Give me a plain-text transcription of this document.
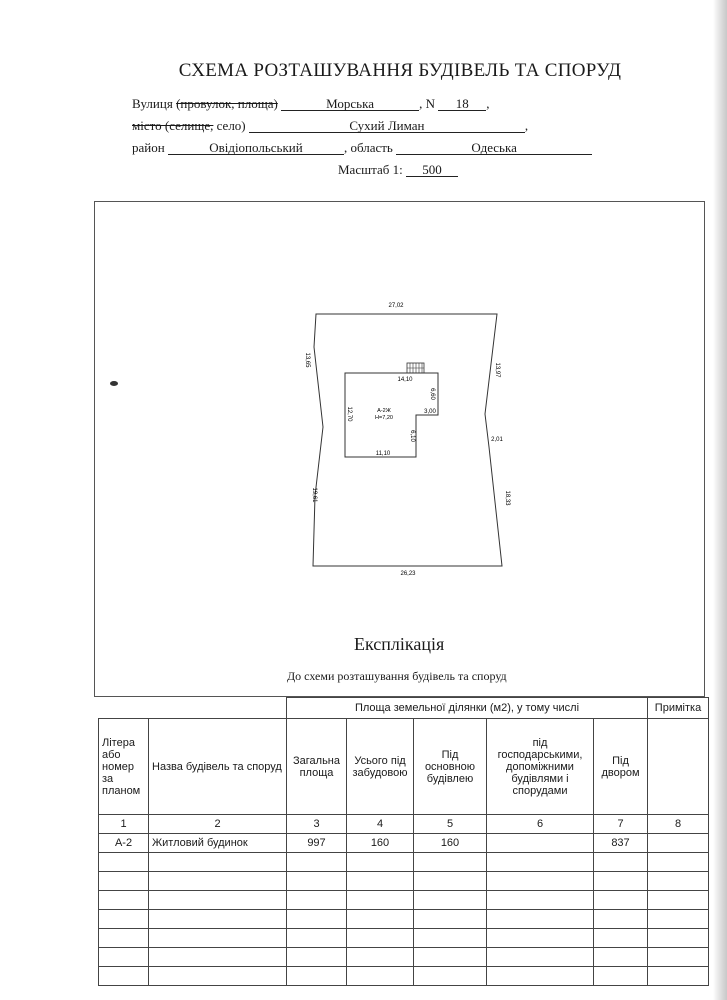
СХЕМА РОЗТАШУВАННЯ БУДІВЕЛЬ ТА СПОРУД
Вулиця (провулок, площа)	Морська	, N 18 ,
місто (селище, село)	Сухий Лиман	,
район	Овідіопольський	, область	Одеська
Масштаб 1: 500
27,02
13,65
13,97
19,61	18,33
26,23
2,01
14,10
6,60
3,00
12,70
6,10
11,10
А-2Ж
H=7,20
Експлікація
До схеми розташування будівель та споруд
		Площа земельної ділянки (м2), у тому числі					Примітка
Літера або номер за планом	Назва будівель та споруд	Загальна площа	Усього під забудовою	Під основною будівлею	під господарськими, допоміжними будівлями і спорудами	Під двором	
1	2	3	4	5	6	7	8
А-2	Житловий будинок	997	160	160		837	
